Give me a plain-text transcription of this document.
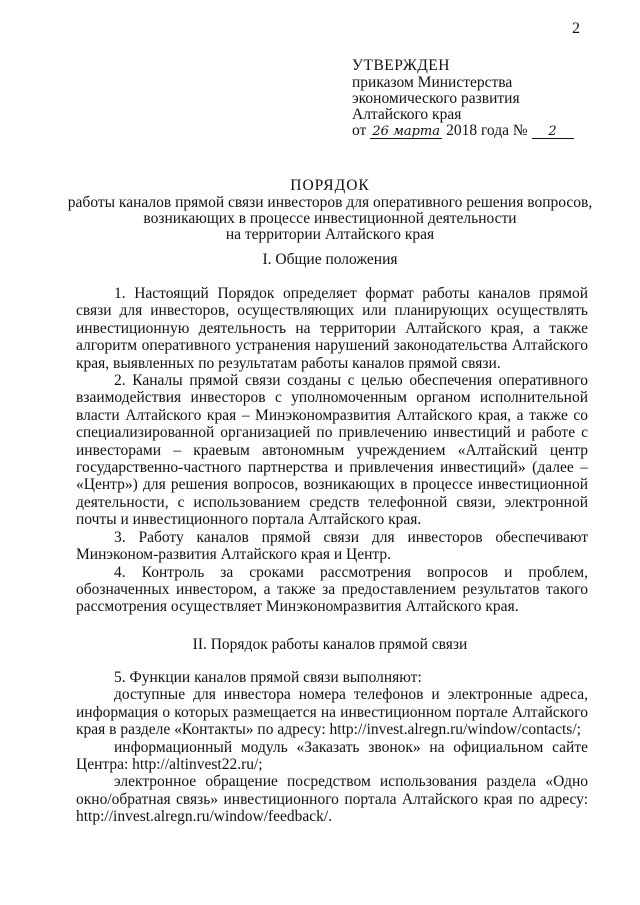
2
УТВЕРЖДЕН
приказом Министерства
экономического развития
Алтайского края
от 26 марта 2018 года № 2
ПОРЯДОК
работы каналов прямой связи инвесторов для оперативного решения вопросов,
возникающих в процессе инвестиционной деятельности
на территории Алтайского края
I. Общие положения

1. Настоящий Порядок определяет формат работы каналов прямой связи для инвесторов, осуществляющих или планирующих осуществлять инвестиционную деятельность на территории Алтайского края, а также алгоритм оперативного устранения нарушений законодательства Алтайского края, выявленных по результатам работы каналов прямой связи.

2. Каналы прямой связи созданы с целью обеспечения оперативного взаимодействия инвесторов с уполномоченным органом исполнительной власти Алтайского края – Минэкономразвития Алтайского края, а также со специализированной организацией по привлечению инвестиций и работе с инвесторами – краевым автономным учреждением «Алтайский центр государственно-частного партнерства и привлечения инвестиций» (далее – «Центр») для решения вопросов, возникающих в процессе инвестиционной деятельности, с использованием средств телефонной связи, электронной почты и инвестиционного портала Алтайского края.

3. Работу каналов прямой связи для инвесторов обеспечивают Минэконом-развития Алтайского края и Центр.

4. Контроль за сроками рассмотрения вопросов и проблем, обозначенных инвестором, а также за предоставлением результатов такого рассмотрения осуществляет Минэкономразвития Алтайского края.

II. Порядок работы каналов прямой связи

5. Функции каналов прямой связи выполняют:

доступные для инвестора номера телефонов и электронные адреса, информация о которых размещается на инвестиционном портале Алтайского края в разделе «Контакты» по адресу: http://invest.alregn.ru/window/contacts/;

информационный модуль «Заказать звонок» на официальном сайте Центра: http://altinvest22.ru/;

электронное обращение посредством использования раздела «Одно окно/обратная связь» инвестиционного портала Алтайского края по адресу: http://invest.alregn.ru/window/feedback/.
